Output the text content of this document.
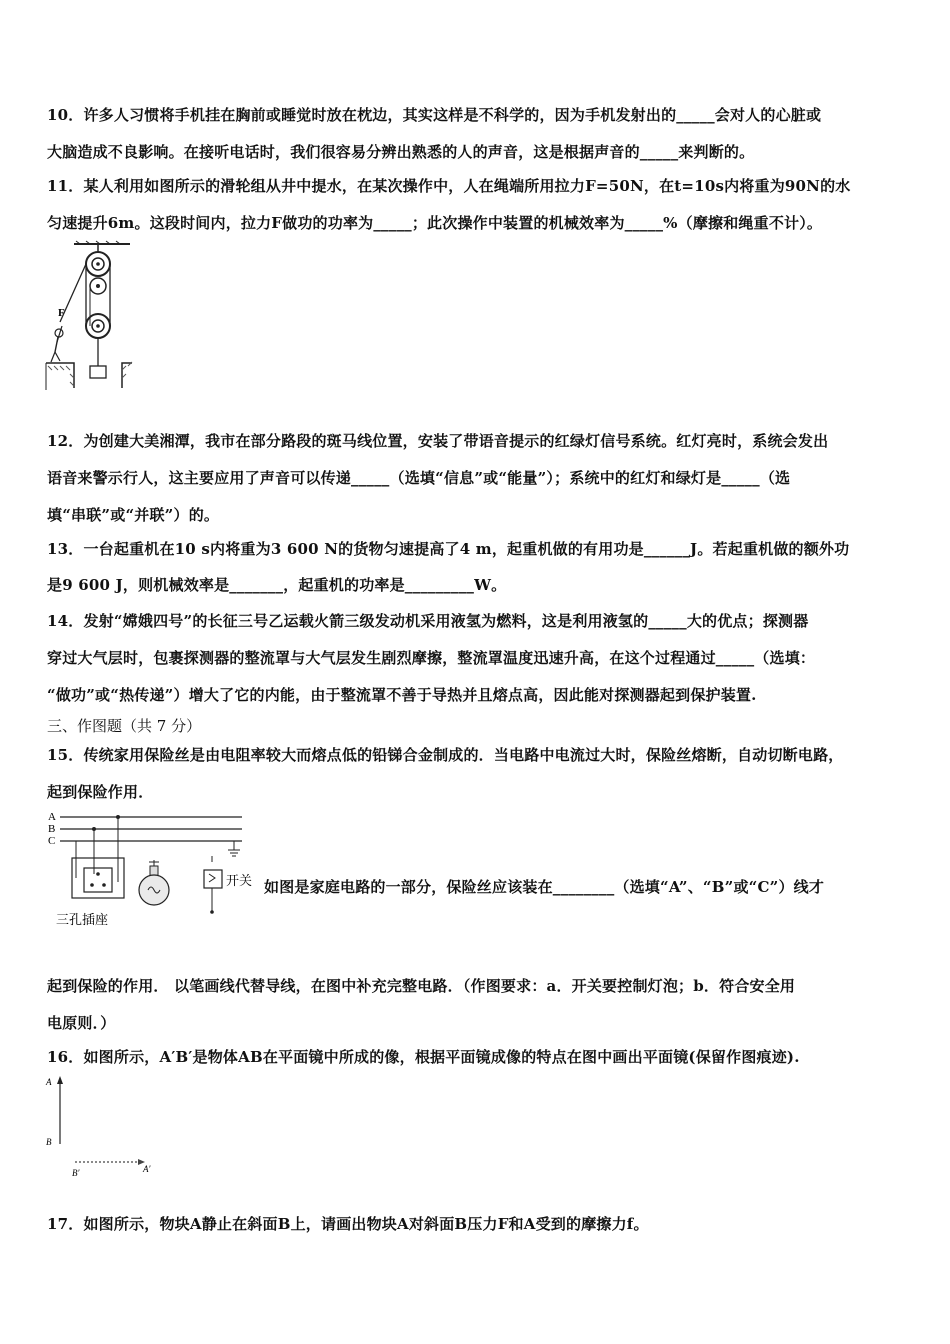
10．许多人习惯将手机挂在胸前或睡觉时放在枕边，其实这样是不科学的，因为手机发射出的_____会对人的心脏或
大脑造成不良影响。在接听电话时，我们很容易分辨出熟悉的人的声音，这是根据声音的_____来判断的。
11．某人利用如图所示的滑轮组从井中提水，在某次操作中，人在绳端所用拉力F=50N，在t=10s内将重为90N的水
匀速提升6m。这段时间内，拉力F做功的功率为_____；此次操作中装置的机械效率为_____%（摩擦和绳重不计）。
F
12．为创建大美湘潭，我市在部分路段的斑马线位置，安装了带语音提示的红绿灯信号系统。红灯亮时，系统会发出
语音来警示行人，这主要应用了声音可以传递_____（选填“信息”或“能量”）；系统中的红灯和绿灯是_____（选
填“串联”或“并联”）的。
13．一台起重机在10 s内将重为3 600 N的货物匀速提高了4 m，起重机做的有用功是______J。若起重机做的额外功
是9 600 J，则机械效率是_______，起重机的功率是_________W。
14．发射“嫦娥四号”的长征三号乙运载火箭三级发动机采用液氢为燃料，这是利用液氢的_____大的优点；探测器
穿过大气层时，包裹探测器的整流罩与大气层发生剧烈摩擦，整流罩温度迅速升高，在这个过程通过_____（选填：
“做功”或“热传递”）增大了它的内能，由于整流罩不善于导热并且熔点高，因此能对探测器起到保护装置.
三、作图题（共 7 分）
15．传统家用保险丝是由电阻率较大而熔点低的铅锑合金制成的．当电路中电流过大时，保险丝熔断，自动切断电路，
起到保险作用．
A
B
C
三孔插座
开关 如图是家庭电路的一部分，保险丝应该装在________（选填“A”、“B”或“C”）线才
起到保险的作用． 以笔画线代替导线，在图中补充完整电路．（作图要求：a．开关要控制灯泡；b．符合安全用
电原则．）
16．如图所示，A′B′是物体AB在平面镜中所成的像，根据平面镜成像的特点在图中画出平面镜(保留作图痕迹).
A
B
B′	A′
17．如图所示，物块A静止在斜面B上，请画出物块A对斜面B压力F和A受到的摩擦力f。
